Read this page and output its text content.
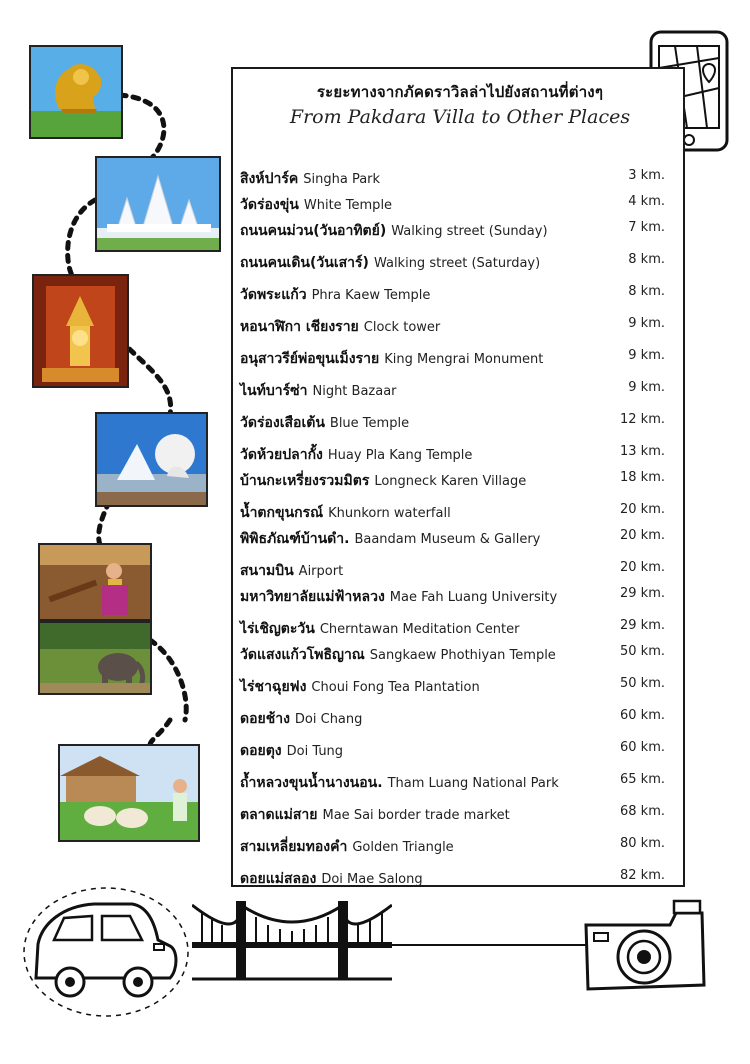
ระยะทางจากภัคดราวิลล่าไปยังสถานที่ต่างๆ
From Pakdara Villa to Other Places
สิงห์ปาร์ค Singha Park	3 km.
วัดร่องขุ่น White Temple	4 km.
ถนนคนม่วน(วันอาทิตย์) Walking street (Sunday)	7 km.
ถนนคนเดิน(วันเสาร์) Walking street (Saturday)	8 km.
วัดพระแก้ว Phra Kaew Temple	8 km.
หอนาฬิกา เชียงราย Clock tower	9 km.
อนุสาวรีย์พ่อขุนเม็งราย King Mengrai Monument	9 km.
ไนท์บาร์ซ่า Night Bazaar	9 km.
วัดร่องเสือเต้น Blue Temple	12 km.
วัดห้วยปลากั้ง Huay Pla Kang Temple	13 km.
บ้านกะเหรี่ยงรวมมิตร Longneck Karen Village	18 km.
น้ำตกขุนกรณ์ Khunkorn waterfall	20 km.
พิพิธภัณฑ์บ้านดำ. Baandam Museum & Gallery	20 km.
สนามบิน Airport	20 km.
มหาวิทยาลัยแม่ฟ้าหลวง Mae Fah Luang University	29 km.
ไร่เชิญตะวัน Cherntawan Meditation Center	29 km.
วัดแสงแก้วโพธิญาณ Sangkaew Phothiyan Temple	50 km.
ไร่ชาฉุยฟง Choui Fong Tea Plantation	50 km.
ดอยช้าง Doi Chang	60 km.
ดอยตุง Doi Tung	60 km.
ถ้ำหลวงขุนน้ำนางนอน. Tham Luang National Park	65 km.
ตลาดแม่สาย Mae Sai border trade market	68 km.
สามเหลี่ยมทองคำ Golden Triangle	80 km.
ดอยแม่สลอง Doi Mae Salong	82 km.
